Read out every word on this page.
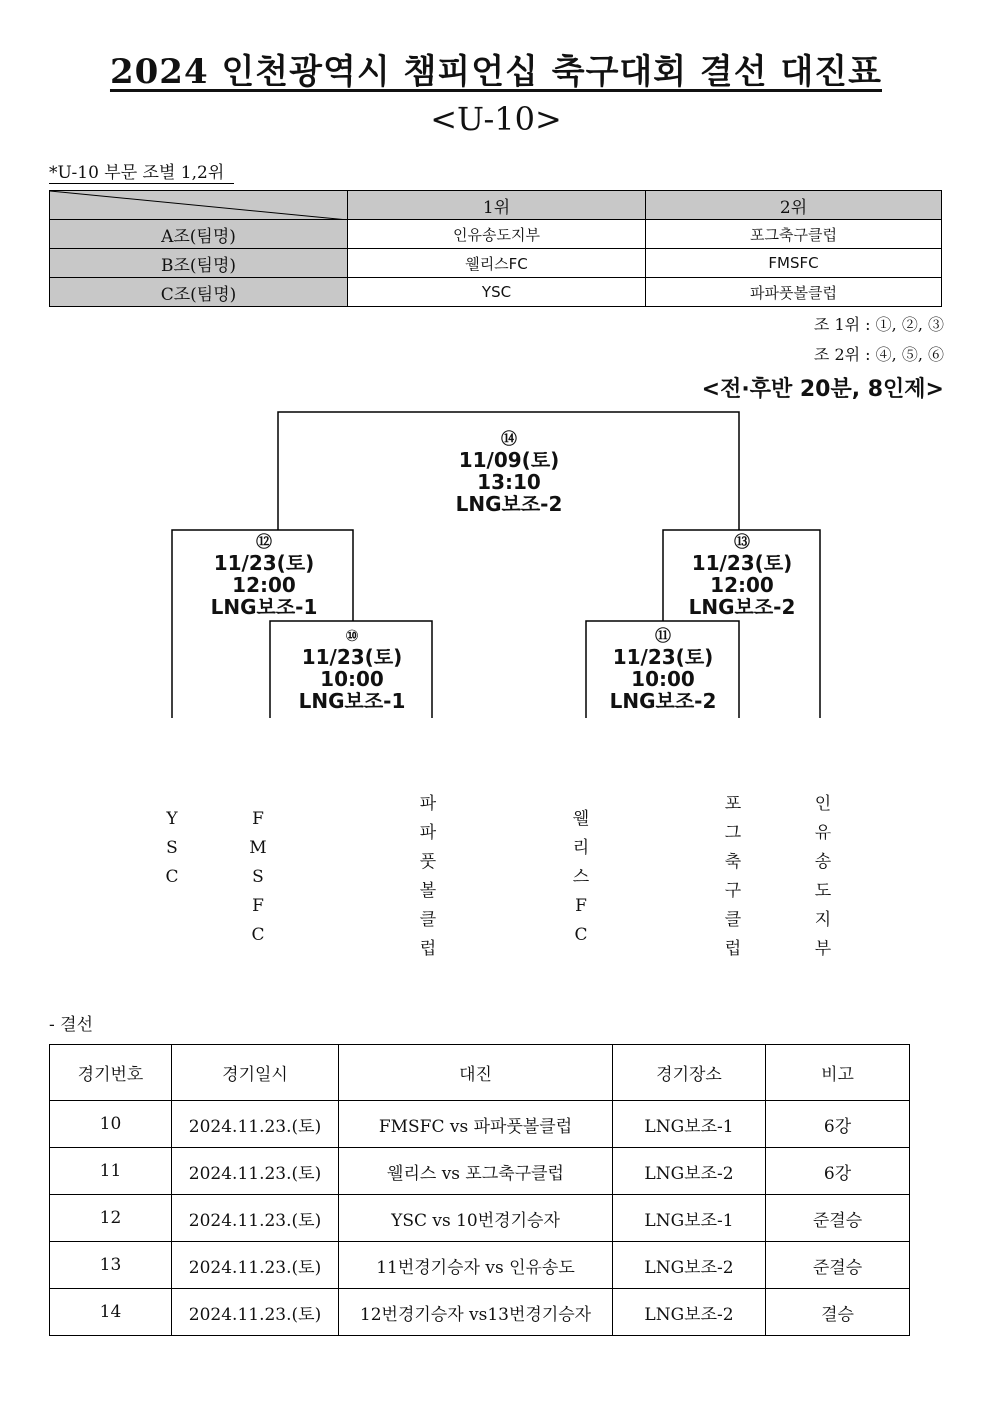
2024 인천광역시 챔피언십 축구대회 결선 대진표
<U-10>
*U-10 부문 조별 1,2위
	1위	2위
A조(팀명)	인유송도지부	포그축구클럽
B조(팀명)	웰리스FC	FMSFC
C조(팀명)	YSC	파파풋볼클럽
조 1위 : ①, ②, ③
조 2위 : ④, ⑤, ⑥
<전·후반 20분, 8인제>
⑭
11/09(토)
13:10
LNG보조-2
⑫
11/23(토)
12:00
LNG보조-1
⑬
11/23(토)
12:00
LNG보조-2
⑩
11/23(토)
10:00
LNG보조-1
⑪
11/23(토)
10:00
LNG보조-2
Y
S
C
F
M
S
F
C
파
파
풋
볼
클
럽
웰
리
스
F
C
포
그
축
구
클
럽
인
유
송
도
지
부
- 결선
경기번호	경기일시	대진	경기장소	비고
10	2024.11.23.(토)	FMSFC vs 파파풋볼클럽	LNG보조-1	6강
11	2024.11.23.(토)	웰리스 vs 포그축구클럽	LNG보조-2	6강
12	2024.11.23.(토)	YSC vs 10번경기승자	LNG보조-1	준결승
13	2024.11.23.(토)	11번경기승자 vs 인유송도	LNG보조-2	준결승
14	2024.11.23.(토)	12번경기승자 vs13번경기승자	LNG보조-2	결승
